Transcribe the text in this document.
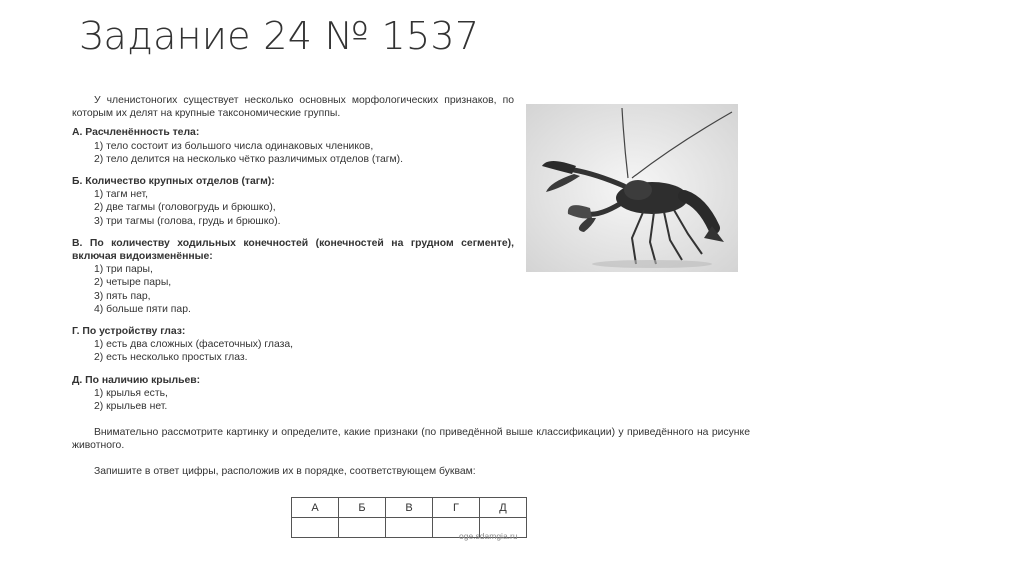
Задание 24 № 1537
У членистоногих существует несколько основных морфологических признаков, по которым их делят на крупные таксономические группы.
А. Расчленённость тела:
1) тело состоит из большого числа одинаковых члеников,
2) тело делится на несколько чётко различимых отделов (тагм).
Б. Количество крупных отделов (тагм):
1) тагм нет,
2) две тагмы (головогрудь и брюшко),
3) три тагмы (голова, грудь и брюшко).
В. По количеству ходильных конечностей (конечностей на грудном сегменте), включая видоизменённые:
1) три пары,
2) четыре пары,
3) пять пар,
4) больше пяти пар.
Г. По устройству глаз:
1) есть два сложных (фасеточных) глаза,
2) есть несколько простых глаз.
Д. По наличию крыльев:
1) крылья есть,
2) крыльев нет.
Внимательно рассмотрите картинку и определите, какие признаки (по приведённой выше классификации) у приведённого на рисунке животного.
Запишите в ответ цифры, расположив их в порядке, соответствующем буквам:
А	Б	В	Г	Д

oge.sdamgia.ru
